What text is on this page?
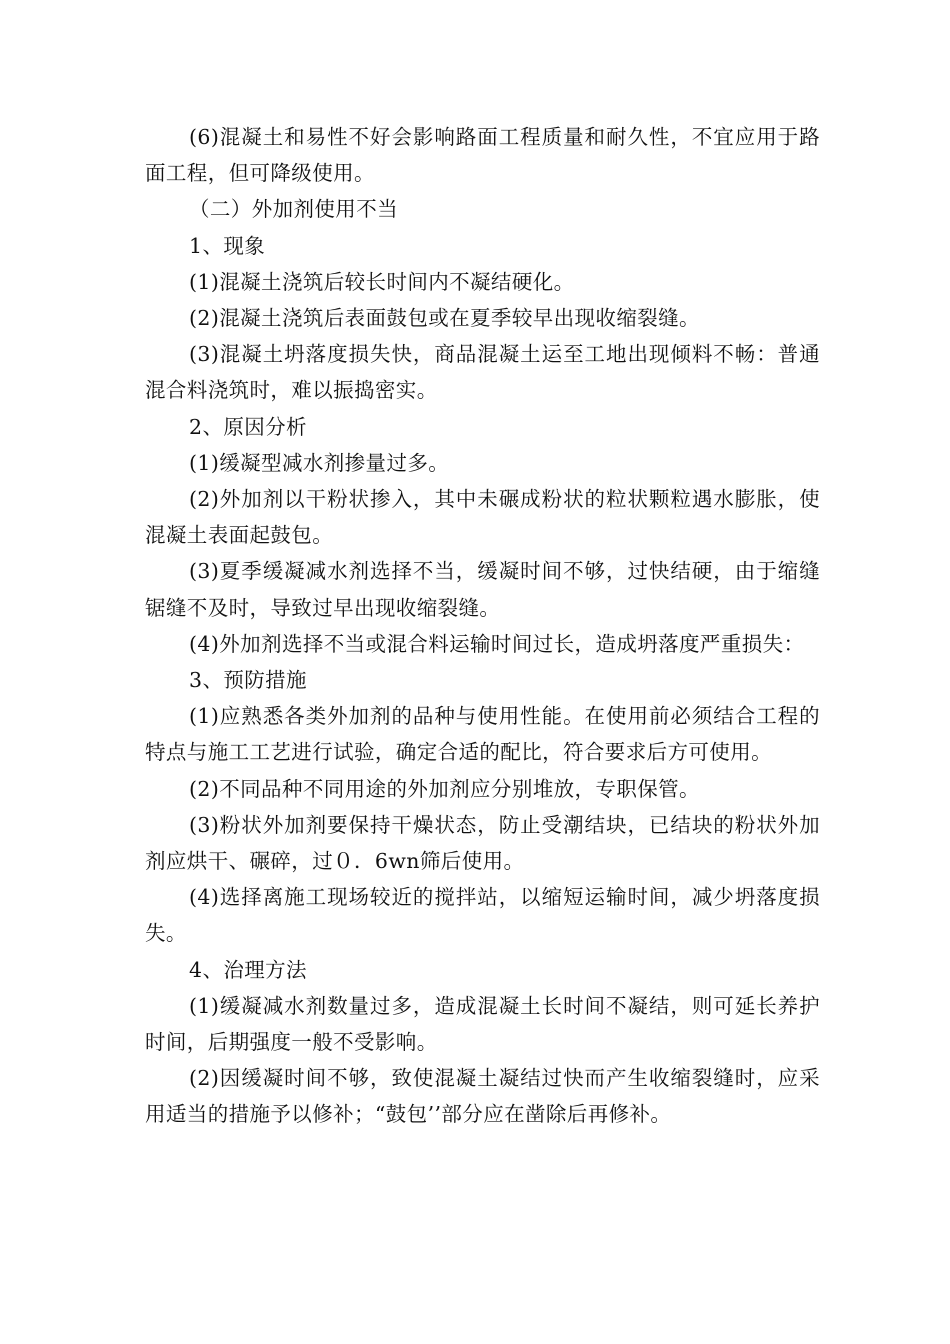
(6)混凝土和易性不好会影响路面工程质量和耐久性，不宜应用于路面工程，但可降级使用。

（二）外加剂使用不当

1、现象

(1)混凝土浇筑后较长时间内不凝结硬化。

(2)混凝土浇筑后表面鼓包或在夏季较早出现收缩裂缝。

(3)混凝土坍落度损失快，商品混凝土运至工地出现倾料不畅：普通混合料浇筑时，难以振捣密实。

2、原因分析

(1)缓凝型减水剂掺量过多。

(2)外加剂以干粉状掺入，其中未碾成粉状的粒状颗粒遇水膨胀，使混凝土表面起鼓包。

(3)夏季缓凝减水剂选择不当，缓凝时间不够，过快结硬，由于缩缝锯缝不及时，导致过早出现收缩裂缝。

(4)外加剂选择不当或混合料运输时间过长，造成坍落度严重损失：

3、预防措施

(1)应熟悉各类外加剂的品种与使用性能。在使用前必须结合工程的特点与施工工艺进行试验，确定合适的配比，符合要求后方可使用。

(2)不同品种不同用途的外加剂应分别堆放，专职保管。

(3)粉状外加剂要保持干燥状态，防止受潮结块，已结块的粉状外加剂应烘干、碾碎，过０．6wn筛后使用。

(4)选择离施工现场较近的搅拌站，以缩短运输时间，减少坍落度损失。

4、治理方法

(1)缓凝减水剂数量过多，造成混凝土长时间不凝结，则可延长养护时间，后期强度一般不受影响。

(2)因缓凝时间不够，致使混凝土凝结过快而产生收缩裂缝时，应采用适当的措施予以修补；“鼓包’’部分应在凿除后再修补。
